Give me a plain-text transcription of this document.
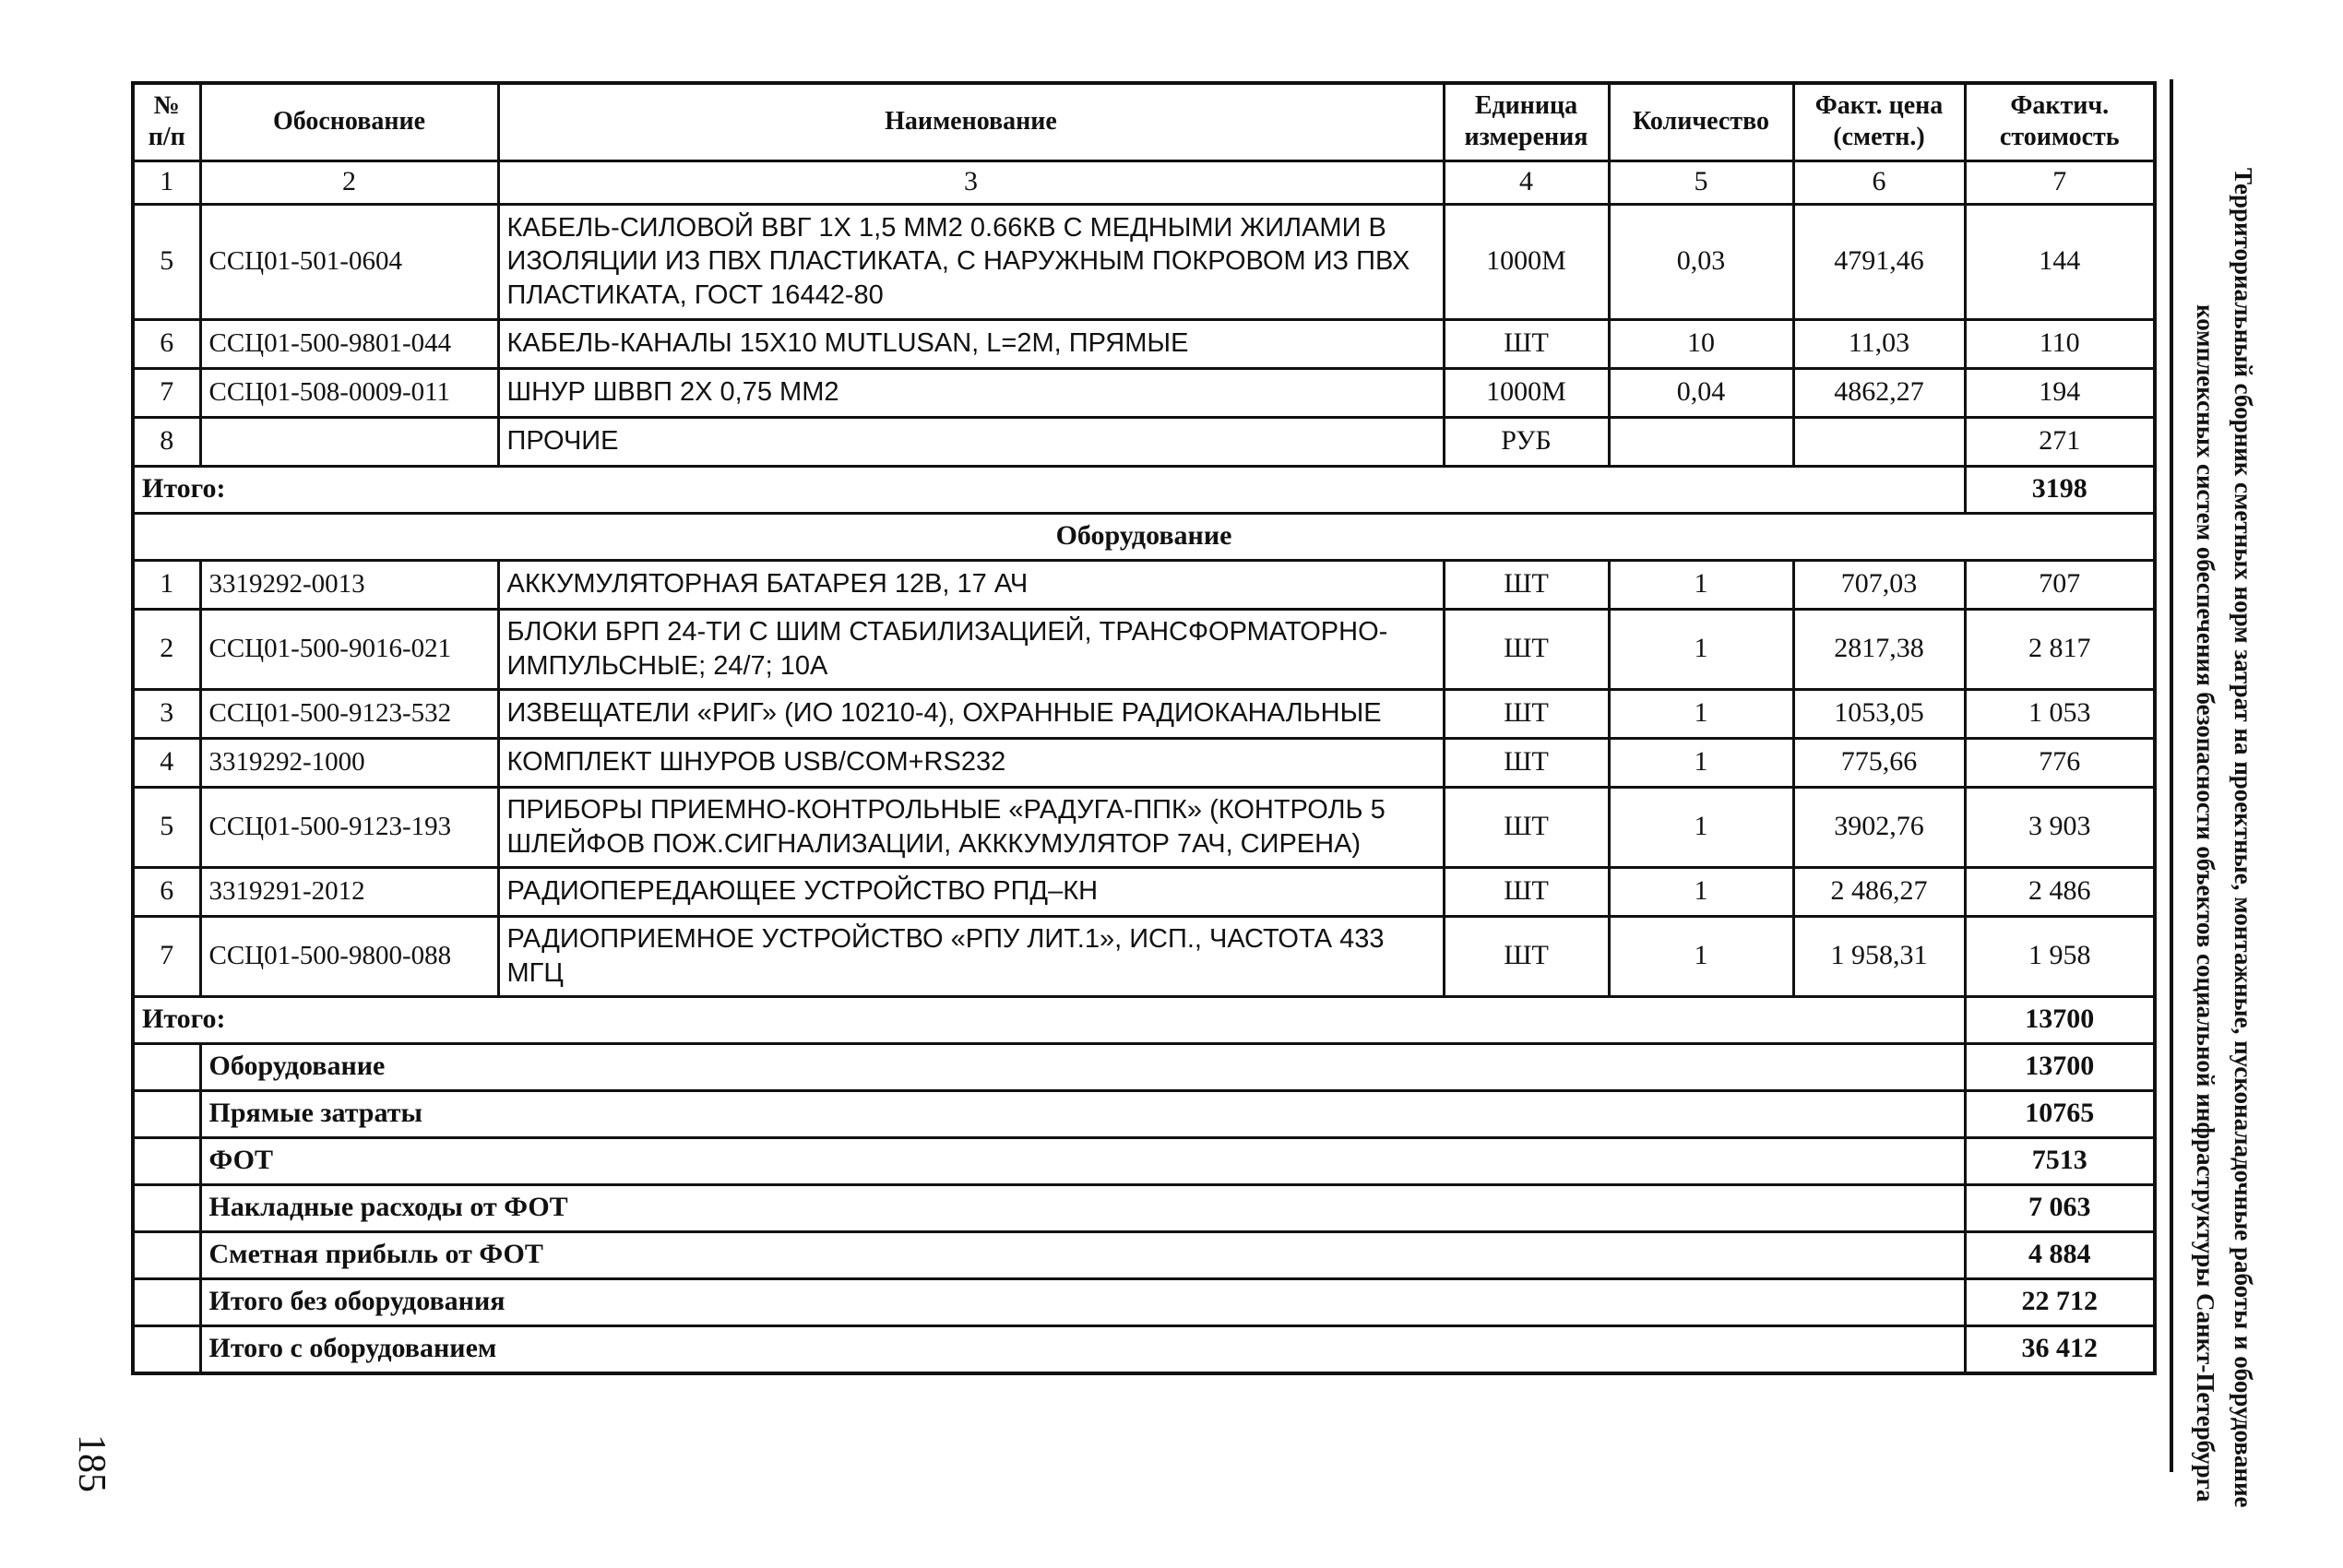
№ п/п	Обоснование	Наименование	Единица измерения	Количество	Факт. цена (сметн.)	Фактич. стоимость
1	2	3	4	5	6	7
5	ССЦ01-501-0604	КАБЕЛЬ-СИЛОВОЙ ВВГ 1Х 1,5 ММ2 0.66КВ С МЕДНЫМИ ЖИЛАМИ В ИЗОЛЯЦИИ ИЗ ПВХ ПЛАСТИКАТА, С НАРУЖНЫМ ПОКРОВОМ ИЗ ПВХ ПЛАСТИКАТА, ГОСТ 16442-80	1000М	0,03	4791,46	144
6	ССЦ01-500-9801-044	КАБЕЛЬ-КАНАЛЫ 15Х10 MUTLUSAN, L=2М, ПРЯМЫЕ	ШТ	10	11,03	110
7	ССЦ01-508-0009-011	ШНУР ШВВП 2Х 0,75 ММ2	1000М	0,04	4862,27	194
8		ПРОЧИЕ	РУБ			271
Итого:						3198
Оборудование						
1	3319292-0013	АККУМУЛЯТОРНАЯ БАТАРЕЯ 12В, 17 АЧ	ШТ	1	707,03	707
2	ССЦ01-500-9016-021	БЛОКИ БРП 24-ТИ С ШИМ СТАБИЛИЗАЦИЕЙ, ТРАНСФОРМАТОРНО-ИМПУЛЬСНЫЕ; 24/7; 10А	ШТ	1	2817,38	2 817
3	ССЦ01-500-9123-532	ИЗВЕЩАТЕЛИ «РИГ» (ИО 10210-4), ОХРАННЫЕ РАДИОКАНАЛЬНЫЕ	ШТ	1	1053,05	1 053
4	3319292-1000	КОМПЛЕКТ ШНУРОВ USB/COM+RS232	ШТ	1	775,66	776
5	ССЦ01-500-9123-193	ПРИБОРЫ ПРИЕМНО-КОНТРОЛЬНЫЕ «РАДУГА-ППК» (КОНТРОЛЬ 5 ШЛЕЙФОВ ПОЖ.СИГНАЛИЗАЦИИ, АКККУМУЛЯТОР 7АЧ, СИРЕНА)	ШТ	1	3902,76	3 903
6	3319291-2012	РАДИОПЕРЕДАЮЩЕЕ УСТРОЙСТВО РПД–КН	ШТ	1	2 486,27	2 486
7	ССЦ01-500-9800-088	РАДИОПРИЕМНОЕ УСТРОЙСТВО «РПУ ЛИТ.1», ИСП., ЧАСТОТА 433 МГЦ	ШТ	1	1 958,31	1 958
Итого:						13700
	Оборудование					13700
	Прямые затраты					10765
	ФОТ					7513
	Накладные расходы от ФОТ					7 063
	Сметная прибыль от ФОТ					4 884
	Итого без оборудования					22 712
	Итого с оборудованием					36 412	Территориальный сборник сметных норм затрат на проектные, монтажные, пусконаладочные работы и оборудование
комплексных систем обеспечения безопасности объектов социальной инфраструктуры Санкт-Петербурга
185
